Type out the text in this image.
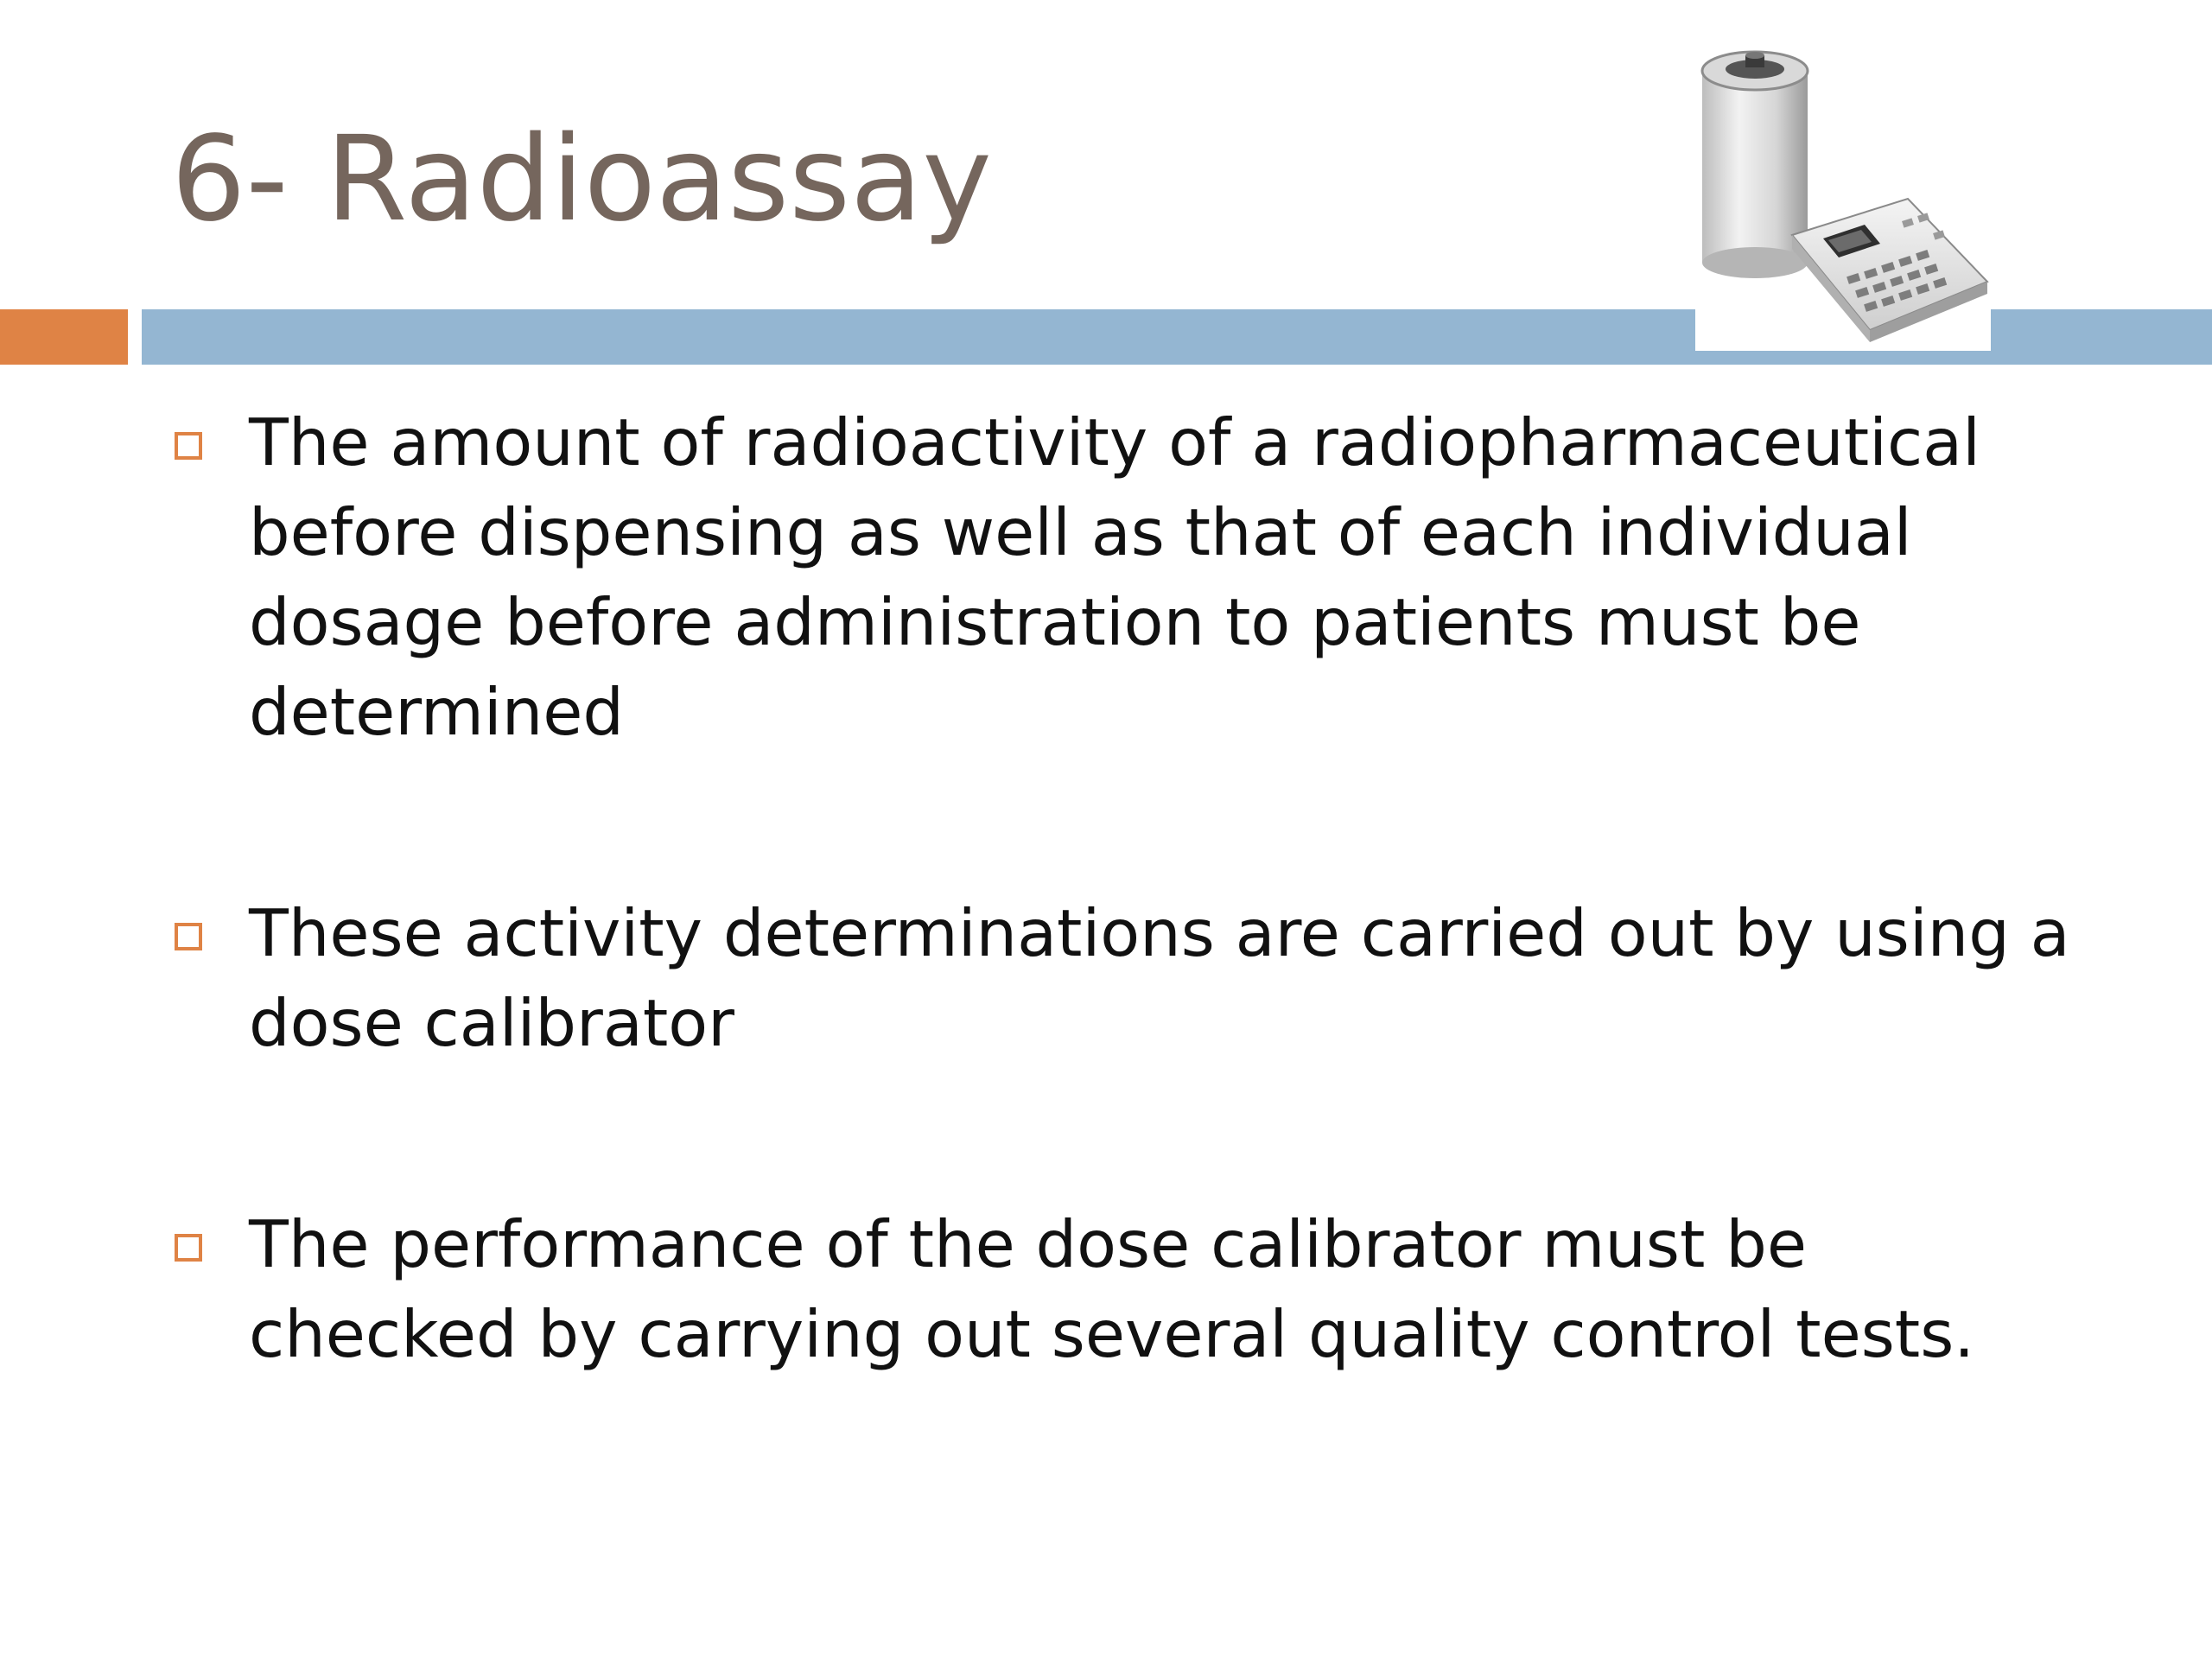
6- Radioassay
The amount of radioactivity of a radiopharmaceutical before dispensing as well as that of each individual dosage before administration to patients must be determined
These activity determinations are carried out by using a dose calibrator
The performance of the dose calibrator must be checked by carrying out several quality control tests.
